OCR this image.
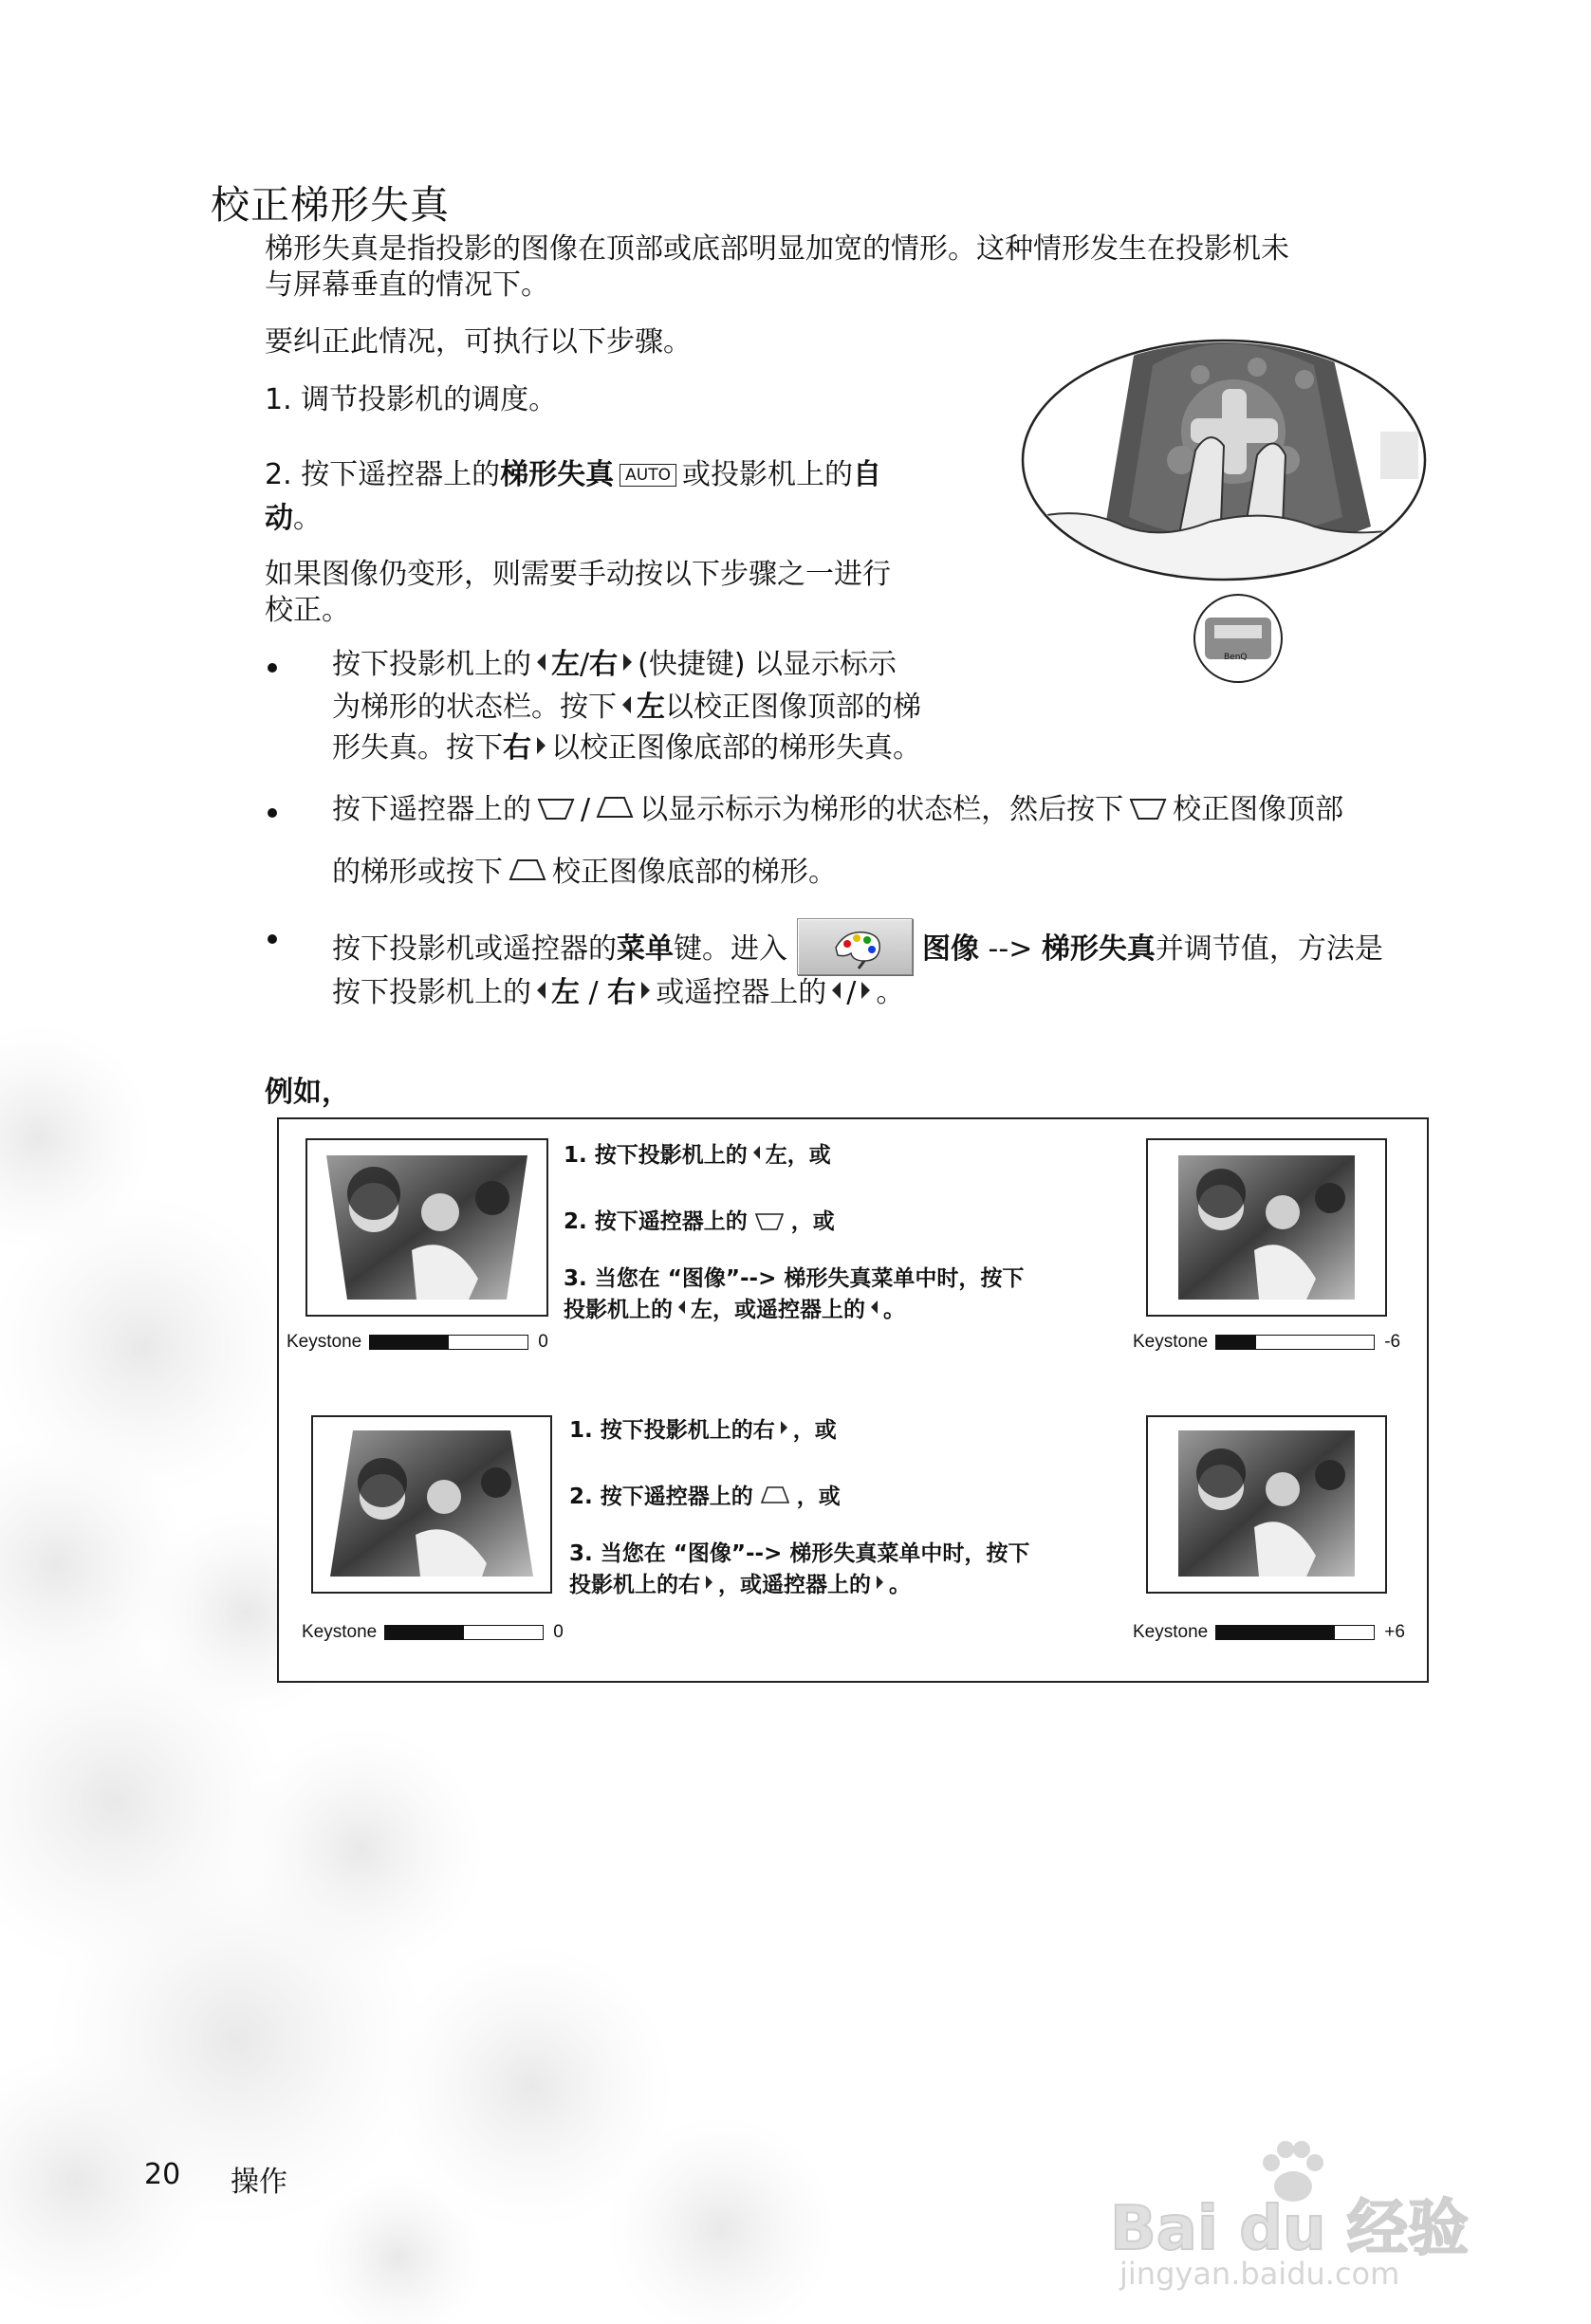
校正梯形失真
梯形失真是指投影的图像在顶部或底部明显加宽的情形。这种情形发生在投影机未
与屏幕垂直的情况下。
要纠正此情况，可执行以下步骤。
1. 调节投影机的调度。
2. 按下遥控器上的梯形失真 AUTO 或投影机上的自
动。
如果图像仍变形，则需要手动按以下步骤之一进行
校正。
BenQ
按下投影机上的 左/右 (快捷键) 以显示标示
为梯形的状态栏。按下 左以校正图像顶部的梯
形失真。按下右 以校正图像底部的梯形失真。
按下遥控器上的 / 以显示标示为梯形的状态栏，然后按下 校正图像顶部
的梯形或按下 校正图像底部的梯形。
按下投影机或遥控器的菜单键。进入	图像 --> 梯形失真并调节值，方法是
按下投影机上的 左 / 右 或遥控器上的 / 。
例如，
1. 按下投影机上的 左，或
2. 按下遥控器上的 ，或
3. 当您在 “图像”--> 梯形失真菜单中时，按下
投影机上的 左，或遥控器上的 。
Keystone	0	Keystone	-6
1. 按下投影机上的右 ，或
2. 按下遥控器上的 ，或
3. 当您在 “图像”--> 梯形失真菜单中时，按下
投影机上的右 ，或遥控器上的 。
Keystone	0	Keystone	+6
20 操作
Bai du 经验
jingyan.baidu.com
